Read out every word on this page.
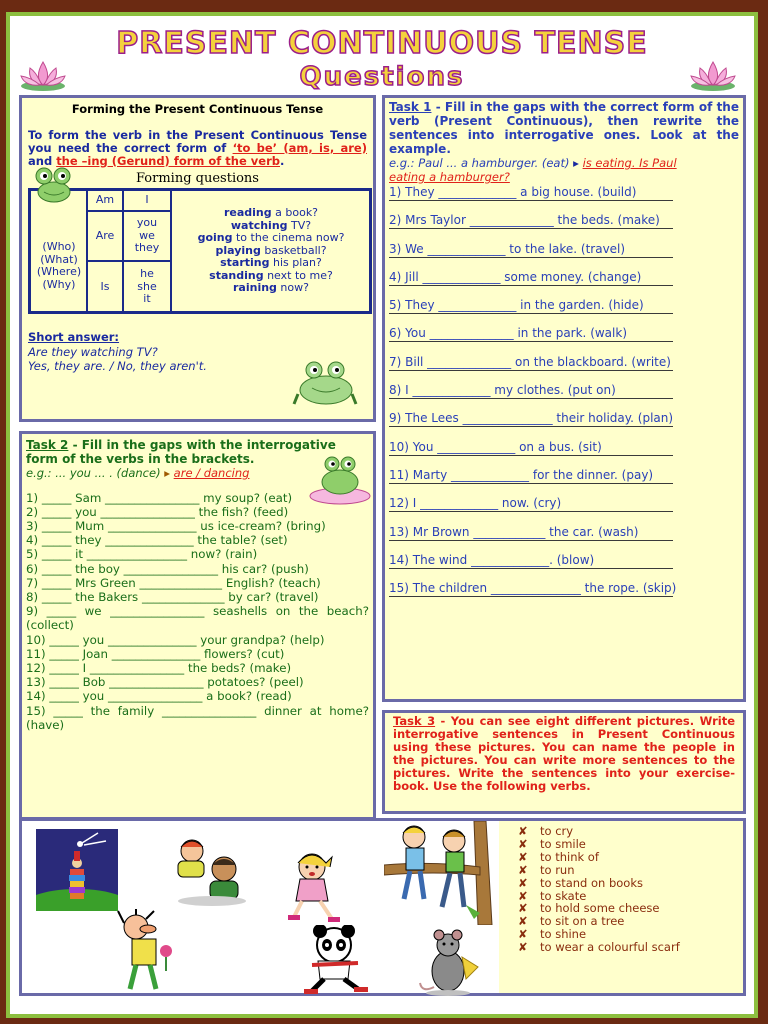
PRESENT CONTINUOUS TENSE
Questions
Forming the Present Continuous Tense
To form the verb in the Present Continuous Tense you need the correct form of ‘to be’ (am, is, are) and the –ing (Gerund) form of the verb.
Forming questions
(Who)
(What)
(Where)
(Why)
Am
Are
Is
I
you
we
they
he
she
it
reading a book?
watching TV?
going to the cinema now?
playing basketball?
starting his plan?
standing next to me?
raining now?
Short answer:
Are they watching TV?
Yes, they are. / No, they aren't.
Task 2 - Fill in the gaps with the interrogative form of the verbs in the brackets.
e.g.: ... you ... . (dance) ▸ are / dancing
1) _____ Sam ________________ my soup? (eat)
2) _____ you ________________ the fish? (feed)
3) _____ Mum _______________ us ice-cream? (bring)
4) _____ they _______________ the table? (set)
5) _____ it _________________ now? (rain)
6) _____ the boy ________________ his car? (push)
7) _____ Mrs Green ______________ English? (teach)
8) _____ the Bakers ______________ by car? (travel)
9) _____ we ________________ seashells on the beach? (collect)
10) _____ you _______________ your grandpa? (help)
11) _____ Joan _______________ flowers? (cut)
12) _____ I ________________ the beds? (make)
13) _____ Bob ________________ potatoes? (peel)
14) _____ you ________________ a book? (read)
15) _____ the family ________________ dinner at home? (have)
Task 1 - Fill in the gaps with the correct form of the verb (Present Continuous), then rewrite the sentences into interrogative ones. Look at the example.
e.g.: Paul ... a hamburger. (eat) ▸ is eating. Is Paul
eating a hamburger?
1) They _____________ a big house. (build)
2) Mrs Taylor ______________ the beds. (make)
3) We _____________ to the lake. (travel)
4) Jill _____________ some money. (change)
5) They _____________ in the garden. (hide)
6) You ______________ in the park. (walk)
7) Bill ______________ on the blackboard. (write)
8) I _____________ my clothes. (put on)
9) The Lees _______________ their holiday. (plan)
10) You _____________ on a bus. (sit)
11) Marty _____________ for the dinner. (pay)
12) I _____________ now. (cry)
13) Mr Brown ____________ the car. (wash)
14) The wind _____________. (blow)
15) The children _______________ the rope. (skip)
Task 3 - You can see eight different pictures. Write interrogative sentences in Present Continuous using these pictures. You can name the people in the pictures. You can write more sentences to the pictures. Write the sentences into your exercise-book. Use the following verbs.
✘ to cry
✘ to smile
✘ to think of
✘ to run
✘ to stand on books
✘ to skate
✘ to hold some cheese
✘ to sit on a tree
✘ to shine
✘ to wear a colourful scarf
